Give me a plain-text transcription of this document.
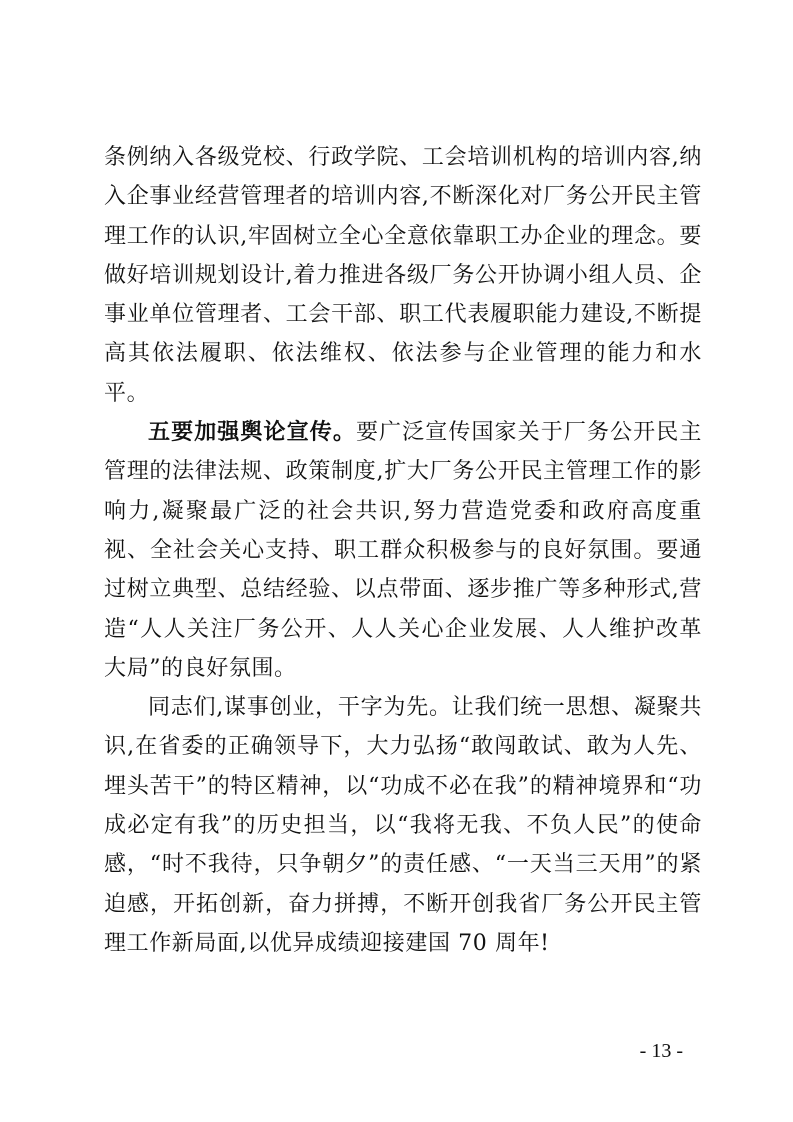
条例纳入各级党校、行政学院、工会培训机构的培训内容,纳入企事业经营管理者的培训内容,不断深化对厂务公开民主管理工作的认识,牢固树立全心全意依靠职工办企业的理念。要做好培训规划设计,着力推进各级厂务公开协调小组人员、企事业单位管理者、工会干部、职工代表履职能力建设,不断提高其依法履职、依法维权、依法参与企业管理的能力和水平。

五要加强舆论宣传。要广泛宣传国家关于厂务公开民主管理的法律法规、政策制度,扩大厂务公开民主管理工作的影响力,凝聚最广泛的社会共识,努力营造党委和政府高度重视、全社会关心支持、职工群众积极参与的良好氛围。要通过树立典型、总结经验、以点带面、逐步推广等多种形式,营造“人人关注厂务公开、人人关心企业发展、人人维护改革大局”的良好氛围。

同志们,谋事创业，干字为先。让我们统一思想、凝聚共识,在省委的正确领导下，大力弘扬“敢闯敢试、敢为人先、埋头苦干”的特区精神，以“功成不必在我”的精神境界和“功成必定有我”的历史担当，以“我将无我、不负人民”的使命感，“时不我待，只争朝夕”的责任感、“一天当三天用”的紧迫感，开拓创新，奋力拼搏，不断开创我省厂务公开民主管理工作新局面,以优异成绩迎接建国 70 周年!

- 13 -
